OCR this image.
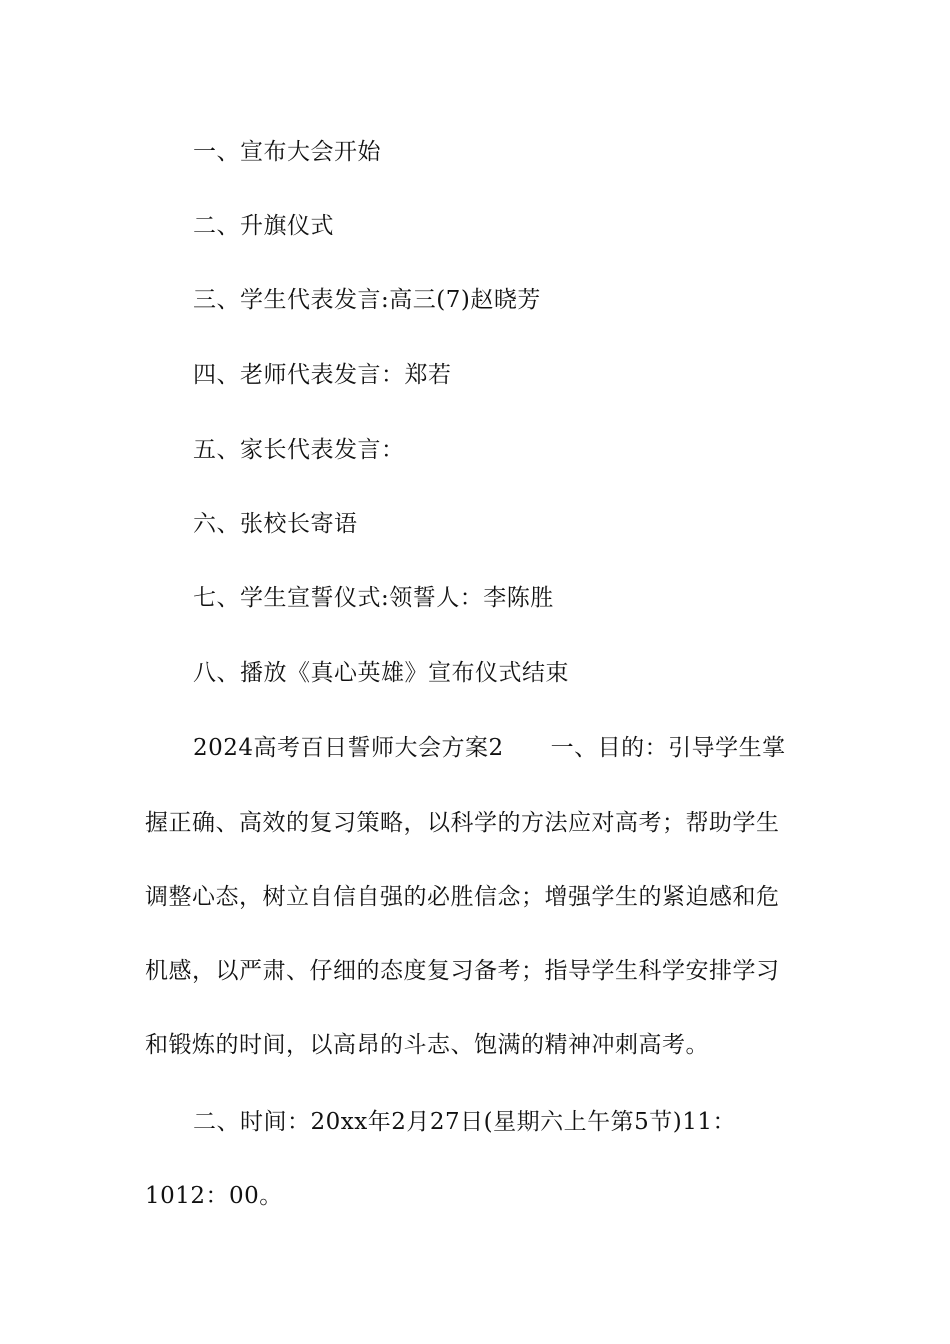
一、宣布大会开始
二、升旗仪式
三、学生代表发言:高三(7)赵晓芳
四、老师代表发言：郑若
五、家长代表发言：
六、张校长寄语
七、学生宣誓仪式:领誓人：李陈胜
八、播放《真心英雄》宣布仪式结束
2024高考百日誓师大会方案2　　一、目的：引导学生掌
握正确、高效的复习策略，以科学的方法应对高考；帮助学生
调整心态，树立自信自强的必胜信念；增强学生的紧迫感和危
机感，以严肃、仔细的态度复习备考；指导学生科学安排学习
和锻炼的时间，以高昂的斗志、饱满的精神冲刺高考。
二、时间：20xx年2月27日(星期六上午第5节)11：
1012：00。
